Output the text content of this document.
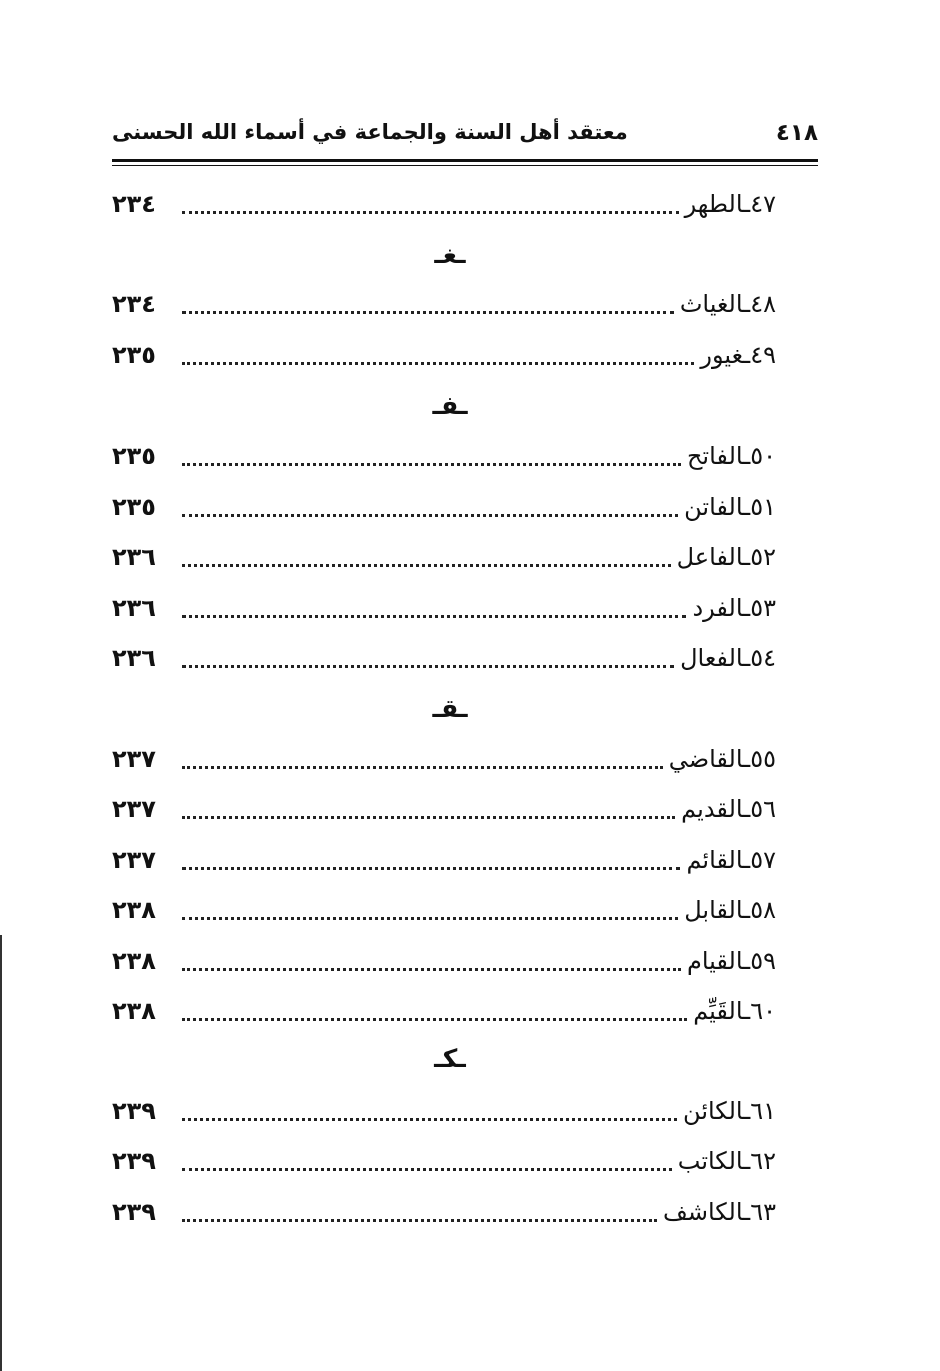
٤١٨
معتقد أهل السنة والجماعة في أسماء الله الحسنى
٤٧ـالطهر
٢٣٤
ـغـ
٤٨ـالغياث
٢٣٤
٤٩ـغيور
٢٣٥
ـفـ
٥٠ـالفاتح
٢٣٥
٥١ـالفاتن
٢٣٥
٥٢ـالفاعل
٢٣٦
٥٣ـالفرد
٢٣٦
٥٤ـالفعال
٢٣٦
ـقـ
٥٥ـالقاضي
٢٣٧
٥٦ـالقديم
٢٣٧
٥٧ـالقائم
٢٣٧
٥٨ـالقابل
٢٣٨
٥٩ـالقيام
٢٣٨
٦٠ـالقَيِّم
٢٣٨
ـكـ
٦١ـالكائن
٢٣٩
٦٢ـالكاتب
٢٣٩
٦٣ـالكاشف
٢٣٩
